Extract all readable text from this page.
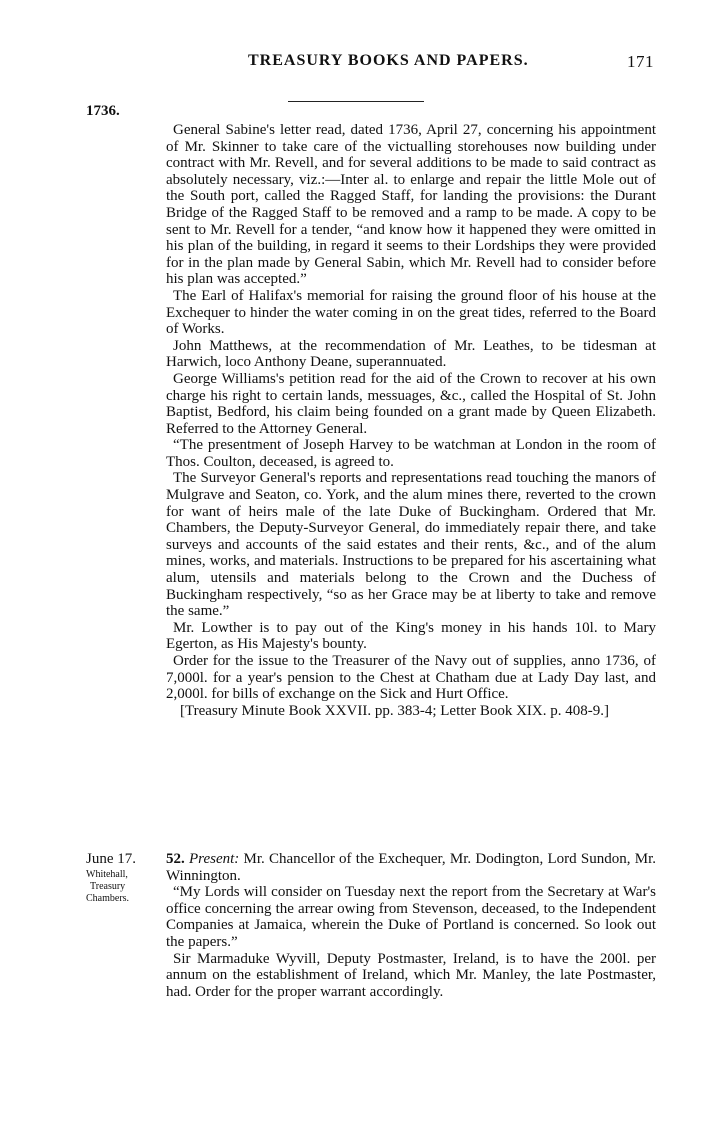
TREASURY BOOKS AND PAPERS.	171
1736.

General Sabine's letter read, dated 1736, April 27, concerning his appointment of Mr. Skinner to take care of the victualling storehouses now building under contract with Mr. Revell, and for several additions to be made to said contract as absolutely necessary, viz.:—Inter al. to enlarge and repair the little Mole out of the South port, called the Ragged Staff, for landing the provisions: the Durant Bridge of the Ragged Staff to be removed and a ramp to be made. A copy to be sent to Mr. Revell for a tender, “and know how it happened they were omitted in his plan of the building, in regard it seems to their Lordships they were provided for in the plan made by General Sabin, which Mr. Revell had to consider before his plan was accepted.”

The Earl of Halifax's memorial for raising the ground floor of his house at the Exchequer to hinder the water coming in on the great tides, referred to the Board of Works.

John Matthews, at the recommendation of Mr. Leathes, to be tidesman at Harwich, loco Anthony Deane, superannuated.

George Williams's petition read for the aid of the Crown to recover at his own charge his right to certain lands, messuages, &c., called the Hospital of St. John Baptist, Bedford, his claim being founded on a grant made by Queen Elizabeth. Referred to the Attorney General.

“The presentment of Joseph Harvey to be watchman at London in the room of Thos. Coulton, deceased, is agreed to.

The Surveyor General's reports and representations read touching the manors of Mulgrave and Seaton, co. York, and the alum mines there, reverted to the crown for want of heirs male of the late Duke of Buckingham. Ordered that Mr. Chambers, the Deputy-Surveyor General, do immediately repair there, and take surveys and accounts of the said estates and their rents, &c., and of the alum mines, works, and materials. Instructions to be prepared for his ascertaining what alum, utensils and materials belong to the Crown and the Duchess of Buckingham respectively, “so as her Grace may be at liberty to take and remove the same.”

Mr. Lowther is to pay out of the King's money in his hands 10l. to Mary Egerton, as His Majesty's bounty.

Order for the issue to the Treasurer of the Navy out of supplies, anno 1736, of 7,000l. for a year's pension to the Chest at Chatham due at Lady Day last, and 2,000l. for bills of exchange on the Sick and Hurt Office.

[Treasury Minute Book XXVII. pp. 383-4; Letter Book XIX. p. 408-9.]

June 17.
Whitehall,
Treasury
Chambers.

52. Present: Mr. Chancellor of the Exchequer, Mr. Dodington, Lord Sundon, Mr. Winnington.

“My Lords will consider on Tuesday next the report from the Secretary at War's office concerning the arrear owing from Stevenson, deceased, to the Independent Companies at Jamaica, wherein the Duke of Portland is concerned. So look out the papers.”

Sir Marmaduke Wyvill, Deputy Postmaster, Ireland, is to have the 200l. per annum on the establishment of Ireland, which Mr. Manley, the late Postmaster, had. Order for the proper warrant accordingly.
